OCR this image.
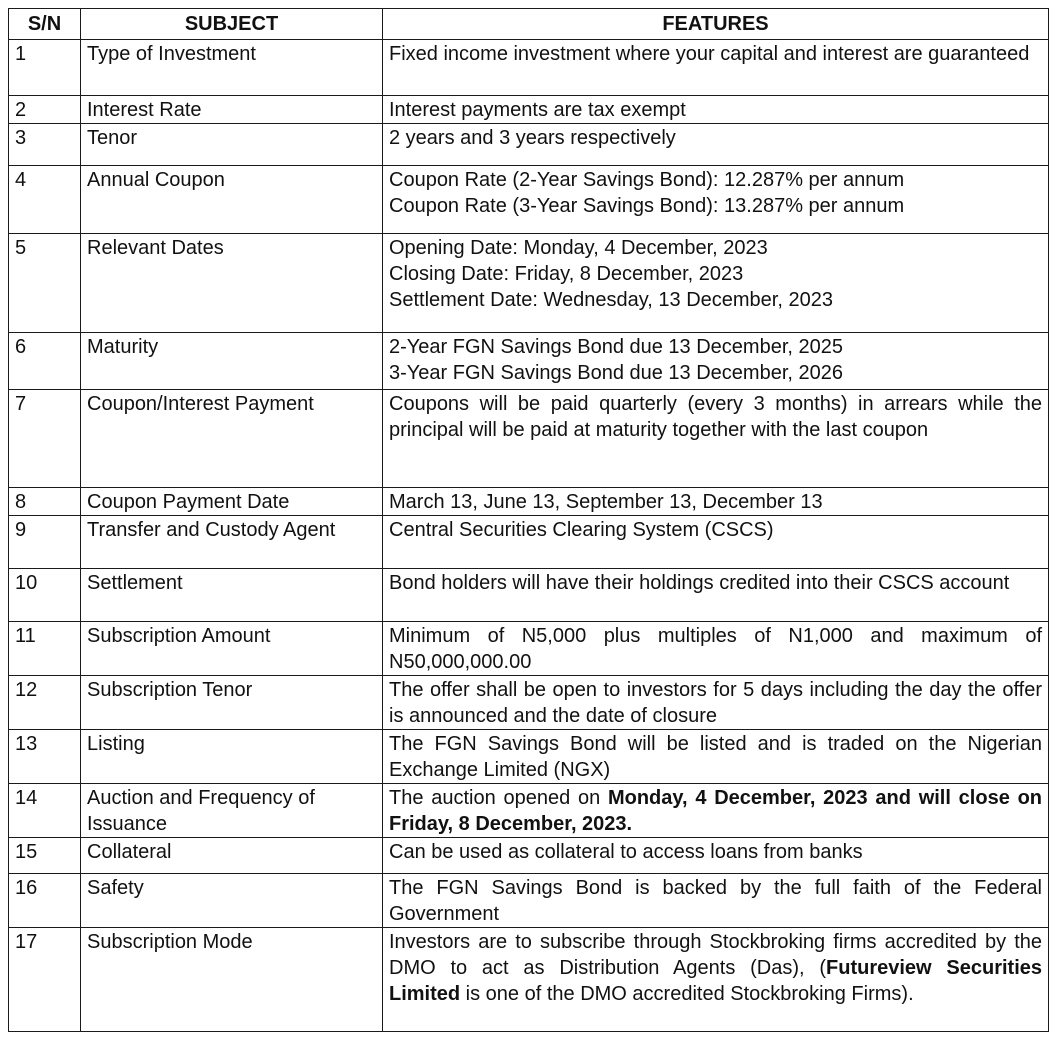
S/N	SUBJECT	FEATURES
1	Type of Investment	Fixed income investment where your capital and interest are guaranteed
2	Interest Rate	Interest payments are tax exempt
3	Tenor	2 years and 3 years respectively
4	Annual Coupon	Coupon Rate (2-Year Savings Bond): 12.287% per annum
Coupon Rate (3-Year Savings Bond): 13.287% per annum

5	Relevant Dates	Opening Date: Monday, 4 December, 2023
Closing Date: Friday, 8 December, 2023
Settlement Date: Wednesday, 13 December, 2023

6	Maturity	2-Year FGN Savings Bond due 13 December, 2025
3-Year FGN Savings Bond due 13 December, 2026

7	Coupon/Interest Payment	Coupons will be paid quarterly (every 3 months) in arrears while the principal will be paid at maturity together with the last coupon
8	Coupon Payment Date	March 13, June 13, September 13, December 13
9	Transfer and Custody Agent	Central Securities Clearing System (CSCS)
10	Settlement	Bond holders will have their holdings credited into their CSCS account
11	Subscription Amount	Minimum of N5,000 plus multiples of N1,000 and maximum of N50,000,000.00
12	Subscription Tenor	The offer shall be open to investors for 5 days including the day the offer is announced and the date of closure
13	Listing	The FGN Savings Bond will be listed and is traded on the Nigerian Exchange Limited (NGX)
14	Auction and Frequency of Issuance	The auction opened on Monday, 4 December, 2023 and will close on Friday, 8 December, 2023.
15	Collateral	Can be used as collateral to access loans from banks
16	Safety	The FGN Savings Bond is backed by the full faith of the Federal Government
17	Subscription Mode	Investors are to subscribe through Stockbroking firms accredited by the DMO to act as Distribution Agents (Das), (Futureview Securities Limited is one of the DMO accredited Stockbroking Firms).
